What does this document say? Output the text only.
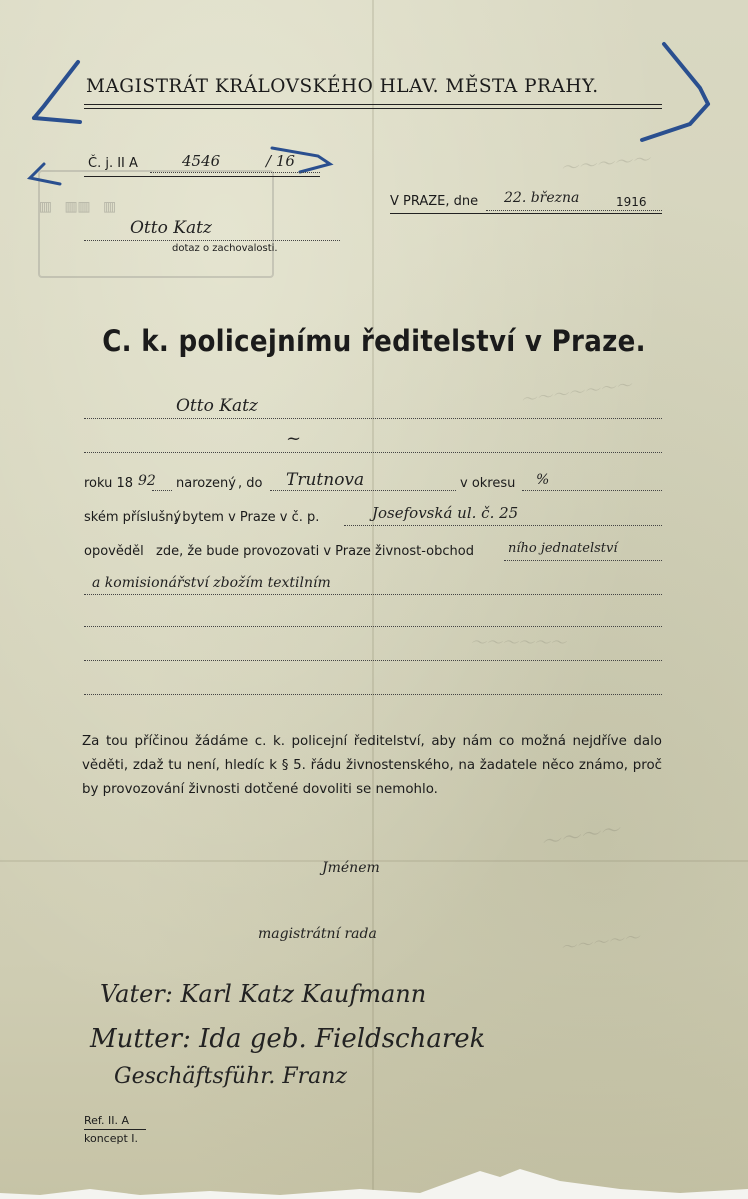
～～～～～
～～～～～～～
～～～～～～
～～～～
～～～～～
▥ ▥▥ ▥
MAGISTRÁT KRÁLOVSKÉHO HLAV. MĚSTA PRAHY.
Č. j. II A	4546	/ 16
V PRAZE, dne 22. března	1916
Otto Katz
dotaz o zachovalosti.
C. k. policejnímu ředitelství v Praze.
Otto Katz
~
roku 18 92 narozený , do Trutnova	v okresu %
ském příslušný
, bytem v Praze v č. p.	Josefovská ul. č. 25
opověděl zde, že bude provozovati v Praze živnost-obchod	ního jednatelství
a komisionářství zbožím textilním
Za tou příčinou žádáme c. k. policejní ředitelství, aby nám co možná nejdříve dalo věděti, zdaž tu není, hledíc k § 5. řádu živnostenského, na žadatele něco známo, proč by provozování živnosti dotčené dovoliti se nemohlo.
Jménem
magistrátní rada
Vater: Karl Katz Kaufmann
Mutter: Ida geb. Fieldscharek
Geschäftsführ. Franz
Ref. II. A
koncept I.
